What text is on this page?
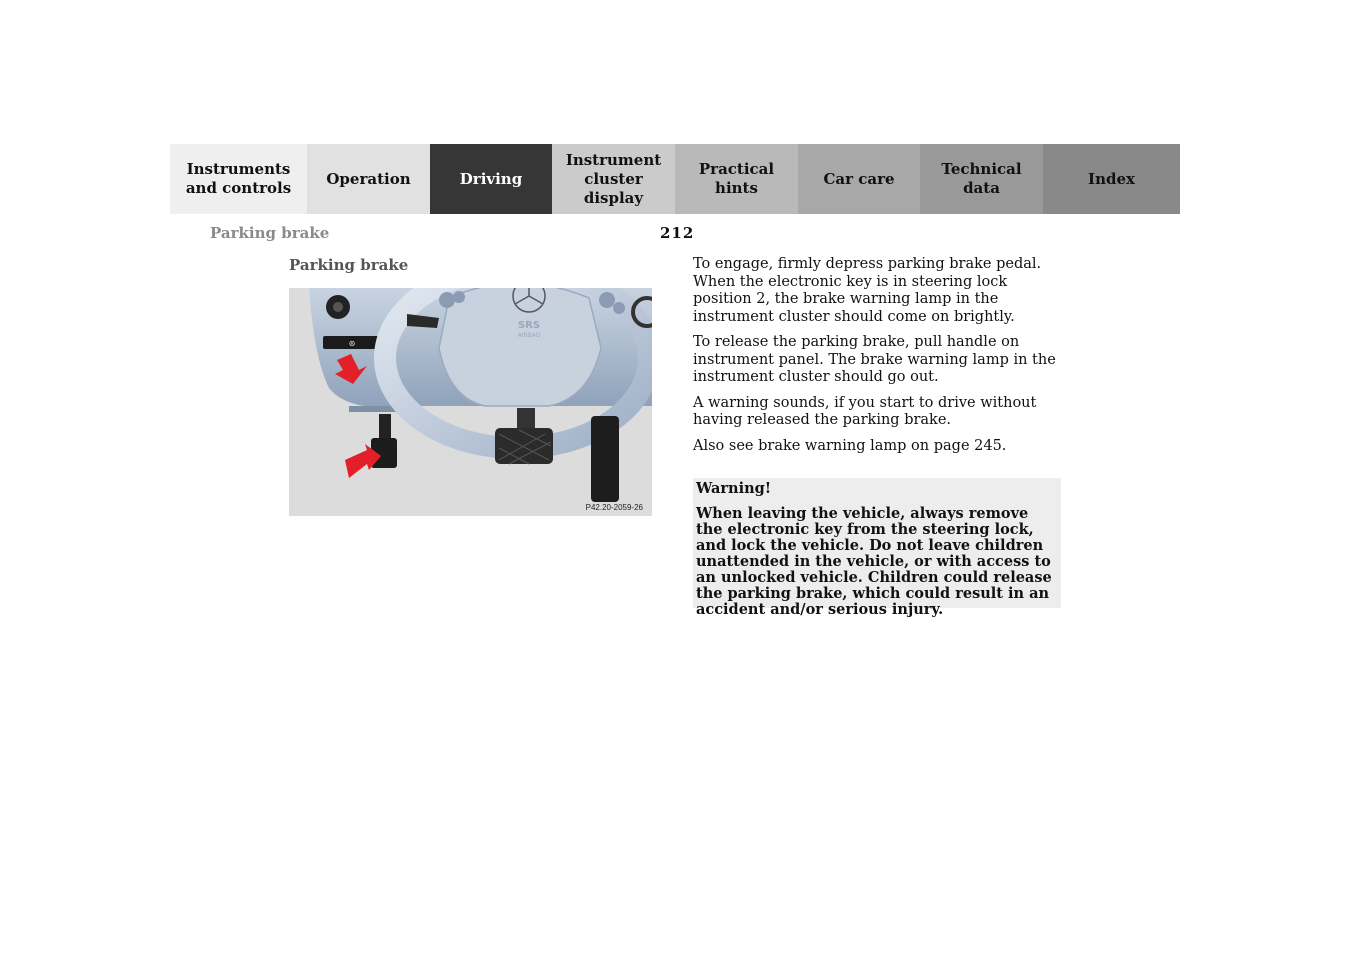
Instruments
and controls
Operation	Driving
Instrument
cluster display
Practical hints
Car care
Technical
data
Index
Parking brake	212
Parking brake
⊛
SRS
AIRBAG
P42.20-2059-26

To engage, firmly depress parking brake pedal. When the electronic key is in steering lock position 2, the brake warning lamp in the instrument cluster should come on brightly.

To release the parking brake, pull handle on instrument panel. The brake warning lamp in the instrument cluster should go out.

A warning sounds, if you start to drive without having released the parking brake.

Also see brake warning lamp on page 245.

Warning!
When leaving the vehicle, always remove the electronic key from the steering lock, and lock the vehicle. Do not leave children unattended in the vehicle, or with access to an unlocked vehicle. Children could release the parking brake, which could result in an accident and/or serious injury.
